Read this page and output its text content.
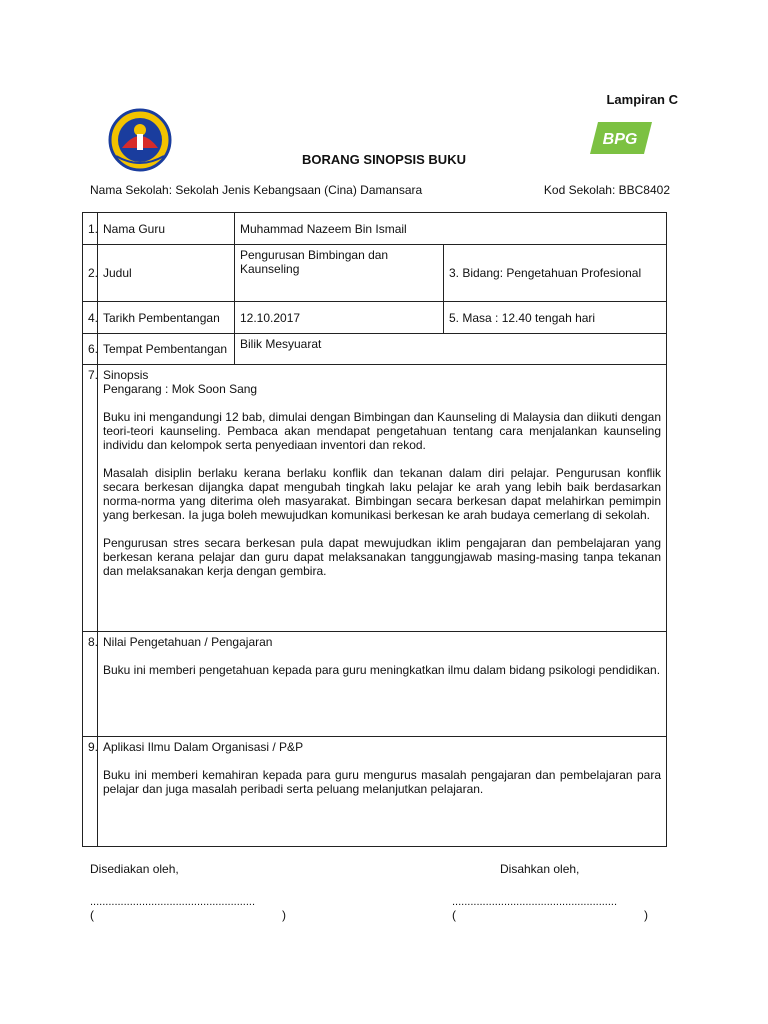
BPG
Lampiran C
BORANG SINOPSIS BUKU
Nama Sekolah: Sekolah Jenis Kebangsaan (Cina) Damansara	Kod Sekolah: BBC8402
1.	Nama Guru	Muhammad Nazeem Bin Ismail	
2.	Judul	Pengurusan Bimbingan dan Kaunseling	3. Bidang: Pengetahuan Profesional
4.	Tarikh Pembentangan	12.10.2017	5. Masa : 12.40 tengah hari
6.	Tempat Pembentangan	Bilik Mesyuarat	
7.	Sinopsis
Pengarang : Mok Soon Sang

Buku ini mengandungi 12 bab, dimulai dengan Bimbingan dan Kaunseling di Malaysia dan diikuti dengan teori-teori kaunseling. Pembaca akan mendapat pengetahuan tentang cara menjalankan kaunseling individu dan kelompok serta penyediaan inventori dan rekod.

Masalah disiplin berlaku kerana berlaku konflik dan tekanan dalam diri pelajar. Pengurusan konflik secara berkesan dijangka dapat mengubah tingkah laku pelajar ke arah yang lebih baik berdasarkan norma-norma yang diterima oleh masyarakat. Bimbingan secara berkesan dapat melahirkan pemimpin yang berkesan. Ia juga boleh mewujudkan komunikasi berkesan ke arah budaya cemerlang di sekolah.

Pengurusan stres secara berkesan pula dapat mewujudkan iklim pengajaran dan pembelajaran yang berkesan kerana pelajar dan guru dapat melaksanakan tanggungjawab masing-masing tanpa tekanan dan melaksanakan kerja dengan gembira.		

8.	Nilai Pengetahuan / Pengajaran

Buku ini memberi pengetahuan kepada para guru meningkatkan ilmu dalam bidang psikologi pendidikan.		

9.	Aplikasi Ilmu Dalam Organisasi / P&P

Buku ini memberi kemahiran kepada para guru mengurus masalah pengajaran dan pembelajaran para pelajar dan juga masalah peribadi serta peluang melanjutkan pelajaran.		

Disediakan oleh,
......................................................
(	)
Disahkan oleh,
......................................................
(	)
